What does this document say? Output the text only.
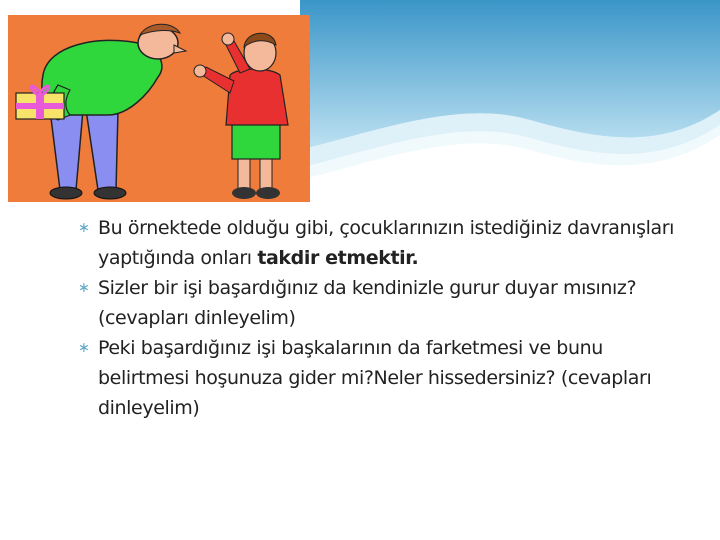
∗ Bu örnektede olduğu gibi, çocuklarınızın istediğiniz davranışları yaptığında onları takdir etmektir.
∗ Sizler bir işi başardığınız da kendinizle gurur duyar mısınız? (cevapları dinleyelim)
∗ Peki başardığınız işi başkalarının da farketmesi ve bunu belirtmesi hoşunuza gider mi?Neler hissedersiniz? (cevapları dinleyelim)
